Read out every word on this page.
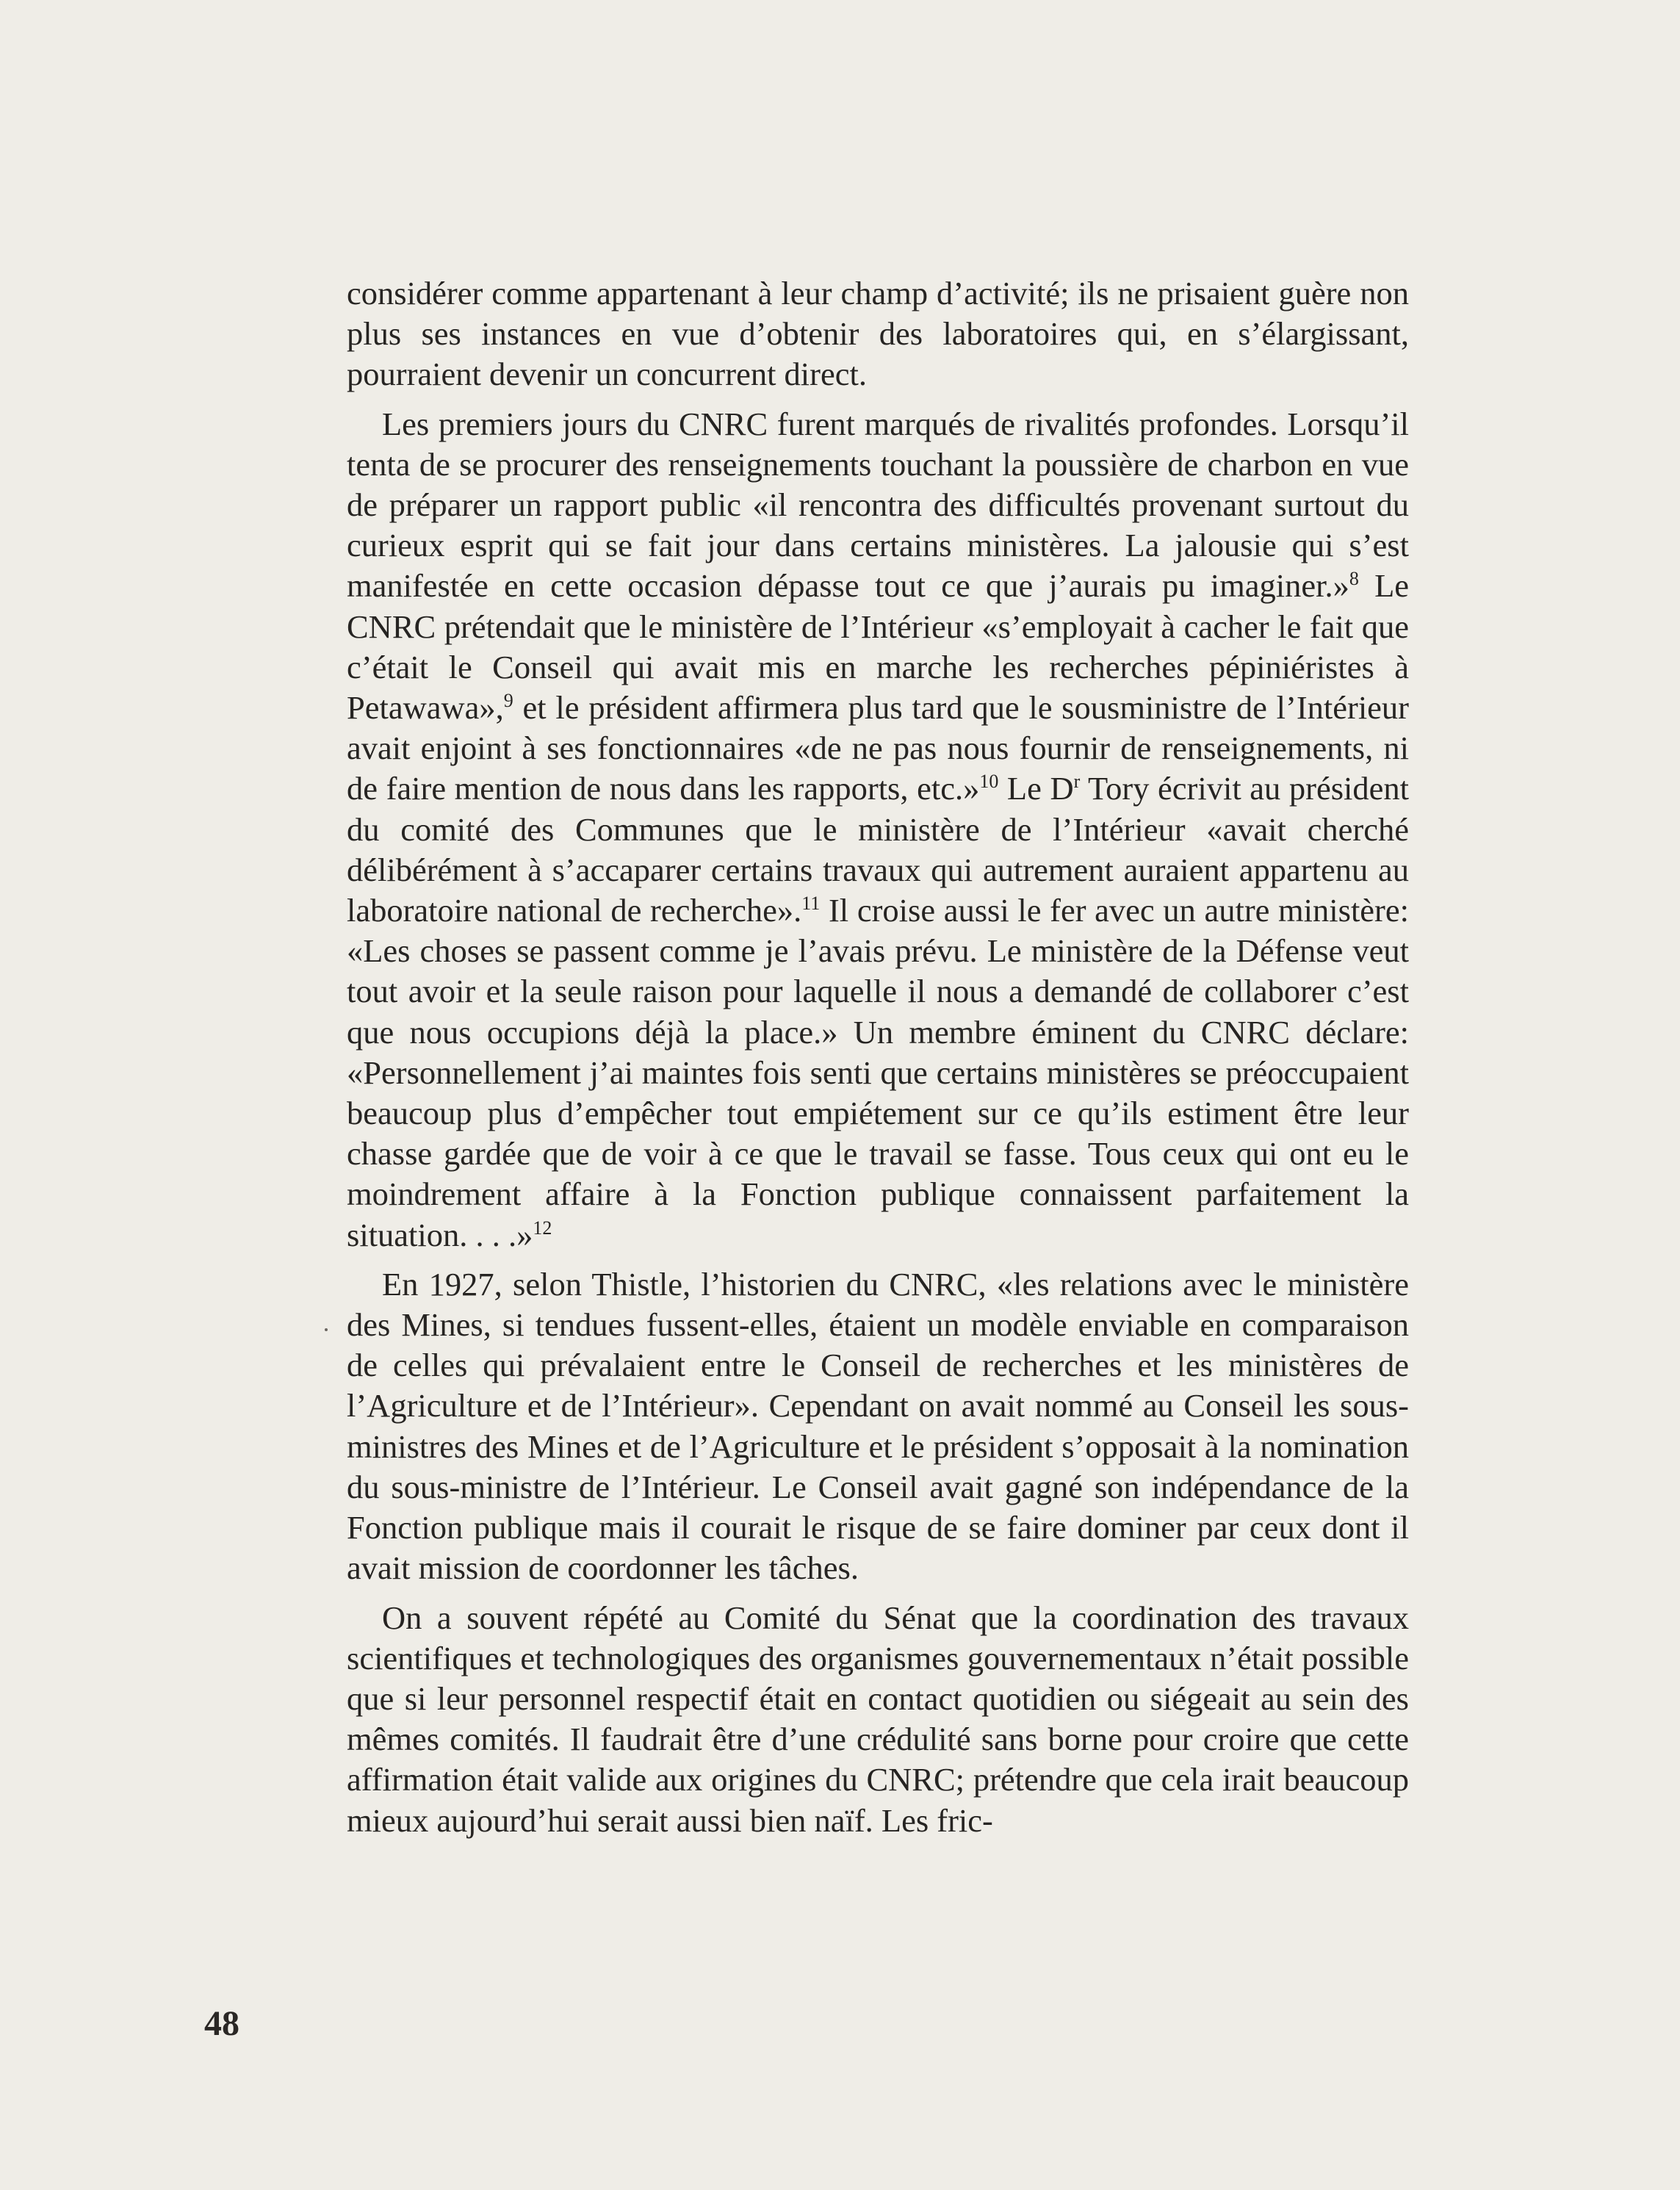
considérer comme appartenant à leur champ d’activité; ils ne prisaient guère non plus ses instances en vue d’obtenir des laboratoires qui, en s’élargissant, pourraient devenir un concurrent direct.

Les premiers jours du CNRC furent marqués de rivalités profondes. Lorsqu’il tenta de se procurer des renseignements touchant la poussière de charbon en vue de préparer un rapport public «il rencontra des difficultés provenant surtout du curieux esprit qui se fait jour dans certains ministères. La jalousie qui s’est manifestée en cette occasion dépasse tout ce que j’aurais pu imaginer.»$^8$ Le CNRC prétendait que le ministère de l’Intérieur «s’employait à cacher le fait que c’était le Conseil qui avait mis en marche les recherches pépiniéristes à Petawawa»,$^9$ et le président affirmera plus tard que le sousministre de l’Intérieur avait enjoint à ses fonctionnaires «de ne pas nous fournir de renseignements, ni de faire mention de nous dans les rapports, etc.»$^{10}$ Le $D^r$ Tory écrivit au président du comité des Communes que le ministère de l’Intérieur «avait cherché délibérément à s’accaparer certains travaux qui autrement auraient appartenu au laboratoire national de recherche».$^{11}$ Il croise aussi le fer avec un autre ministère: «Les choses se passent comme je l’avais prévu. Le ministère de la Défense veut tout avoir et la seule raison pour laquelle il nous a demandé de collaborer c’est que nous occupions déjà la place.» Un membre éminent du CNRC déclare: «Personnellement j’ai maintes fois senti que certains ministères se préoccupaient beaucoup plus d’empêcher tout empiétement sur ce qu’ils estiment être leur chasse gardée que de voir à ce que le travail se fasse. Tous ceux qui ont eu le moindrement affaire à la Fonction publique connaissent parfaitement la situation. . . .»$^{12}$

En 1927, selon Thistle, l’historien du CNRC, «les relations avec le ministère des Mines, si tendues fussent-elles, étaient un modèle enviable en comparaison de celles qui prévalaient entre le Conseil de recherches et les ministères de l’Agriculture et de l’Intérieur». Cependant on avait nommé au Conseil les sous-ministres des Mines et de l’Agriculture et le président s’opposait à la nomination du sous-ministre de l’Intérieur. Le Conseil avait gagné son indépendance de la Fonction publique mais il courait le risque de se faire dominer par ceux dont il avait mission de coordonner les tâches.

On a souvent répété au Comité du Sénat que la coordination des travaux scientifiques et technologiques des organismes gouvernementaux n’était possible que si leur personnel respectif était en contact quotidien ou siégeait au sein des mêmes comités. Il faudrait être d’une crédulité sans borne pour croire que cette affirmation était valide aux origines du CNRC; prétendre que cela irait beaucoup mieux aujourd’hui serait aussi bien naïf. Les fric-

48
